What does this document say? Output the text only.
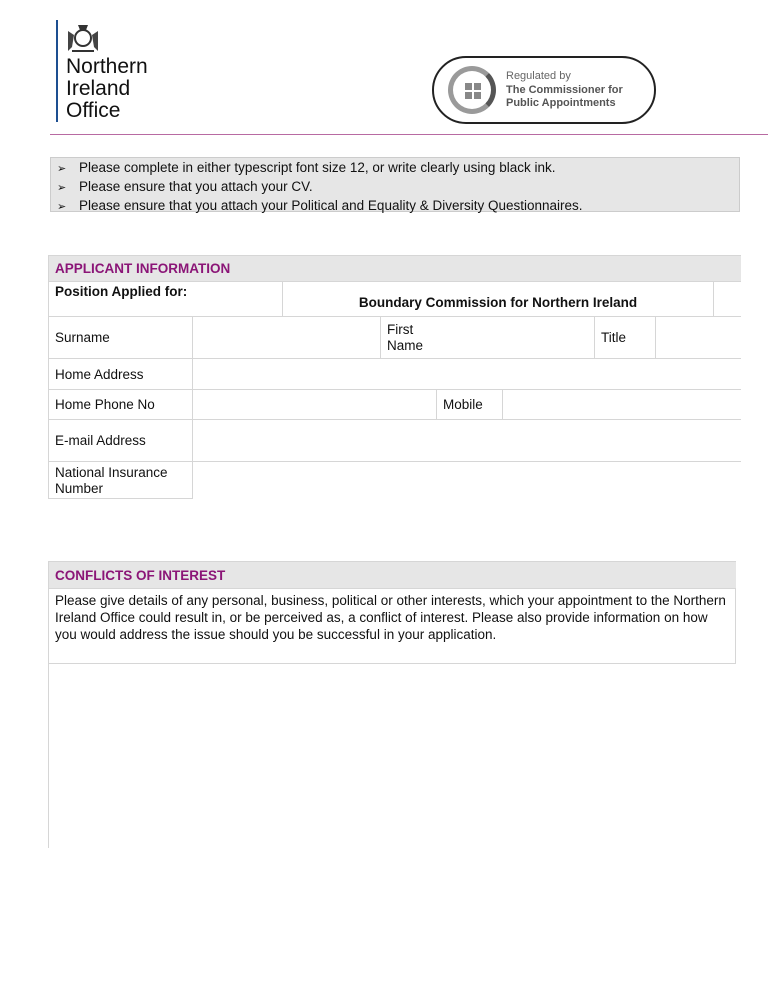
Northern
Ireland
Office
Regulated by
The Commissioner for
Public Appointments
➢ Please complete in either typescript font size 12, or write clearly using black ink.
➢ Please ensure that you attach your CV.
➢ Please ensure that you attach your Political and Equality & Diversity Questionnaires.
APPLICANT INFORMATION
Position Applied for:
Boundary Commission for Northern Ireland
Surname
First Name	Title
Home Address
Home Phone No	Mobile
E-mail Address
National Insurance Number
CONFLICTS OF INTEREST
Please give details of any personal, business, political or other interests, which your appointment to the Northern Ireland Office could result in, or be perceived as, a conflict of interest. Please also provide information on how you would address the issue should you be successful in your application.
